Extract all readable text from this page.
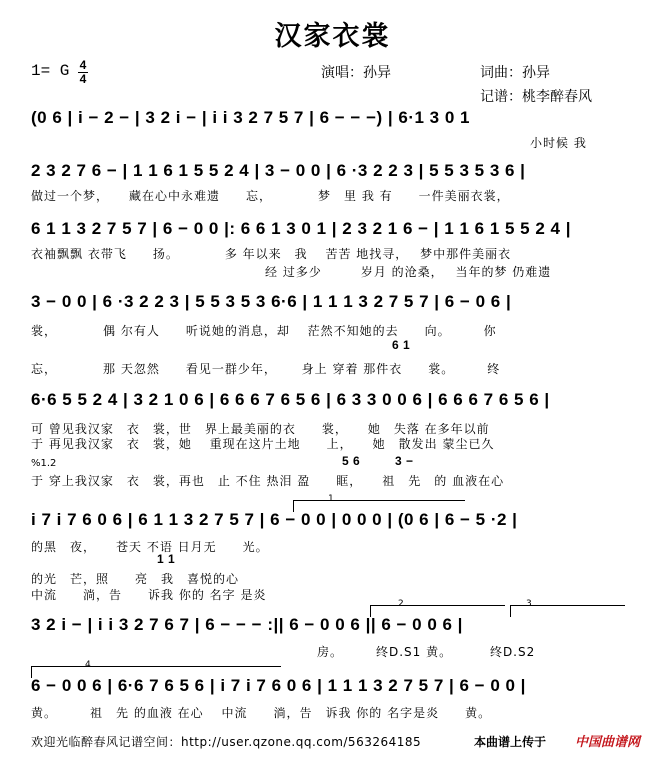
汉家衣裳
1= G 4
4	演唱：孙异	词曲：孙异
记谱：桃李醉春风
(0 6 | i − 2 − | 3 2 i − | i i 3 2 7 5 7 | 6 − − −) | 6·1 3 0 1
小时候 我
2 3 2 7 6 − | 1 1 6 1 5 5 2 4 | 3 − 0 0 | 6 ·3 2 2 3 | 5 5 3 5 3 6 |
做过一个梦，　　藏在心中永难遗　　忘，　　　　梦　里 我 有　　一件美丽衣裳，
6 1 1 3 2 7 5 7 | 6 − 0 0 |: 6 6 1 3 0 1 | 2 3 2 1 6 − | 1 1 6 1 5 5 2 4 |
衣袖飘飘 衣带飞　　扬。　　　　多 年以来　我　 苦苦 地找寻，　 梦中那件美丽衣
经 过多少　　　岁月 的沧桑，　 当年的梦 仍难遗
3 − 0 0 | 6 ·3 2 2 3 | 5 5 3 5 3 6·6 | 1 1 1 3 2 7 5 7 | 6 − 0 6 |
裳，　　　　偶 尔有人　　听说她的消息，却　 茫然不知她的去　　向。　　　你
6 1
忘，　　　　那 天忽然　　看见一群少年，　　 身上 穿着 那件衣　　裳。　　　终
6·6 5 5 2 4 | 3 2 1 0 6 | 6 6 6 7 6 5 6 | 6 3 3 0 0 6 | 6 6 6 7 6 5 6 |
可 曾见我汉家　衣　裳，世　界上最美丽的衣　　裳，　　她　失落 在多年以前
于 再见我汉家　衣　裳，她　 重现在这片土地　　上，　　她　散发出 蒙尘已久
%1.2	5 6	3 −
于 穿上我汉家　衣　裳，再也　止 不住 热泪 盈　　眶，　　祖　先　的 血液在心
1
i 7 i 7 6 0 6 | 6 1 1 3 2 7 5 7 | 6 − 0 0 | 0 0 0 | (0 6 | 6 − 5 ·2 |
的黑　夜，　　苍天 不语 日月无　　光。
1 1
的光　芒，照　　亮　我　喜悦的心
中流　　淌，告　　诉我 你的 名字 是炎
2	3
3 2 i − | i i 3 2 7 6 7 | 6 − − − :|| 6 − 0 0 6 || 6 − 0 0 6 |
　　　　　　　　　　　　　　　　　　　　　　房。　　　终D.S1 黄。　　　 终D.S2
4
6 − 0 0 6 | 6·6 7 6 5 6 | i 7 i 7 6 0 6 | 1 1 1 3 2 7 5 7 | 6 − 0 0 |
黄。　　　祖　先 的血液 在心　 中流　　淌，告　诉我 你的 名字是炎　　黄。
欢迎光临醉春风记谱空间：http://user.qzone.qq.com/563264185	本曲谱上传于 中国曲谱网
